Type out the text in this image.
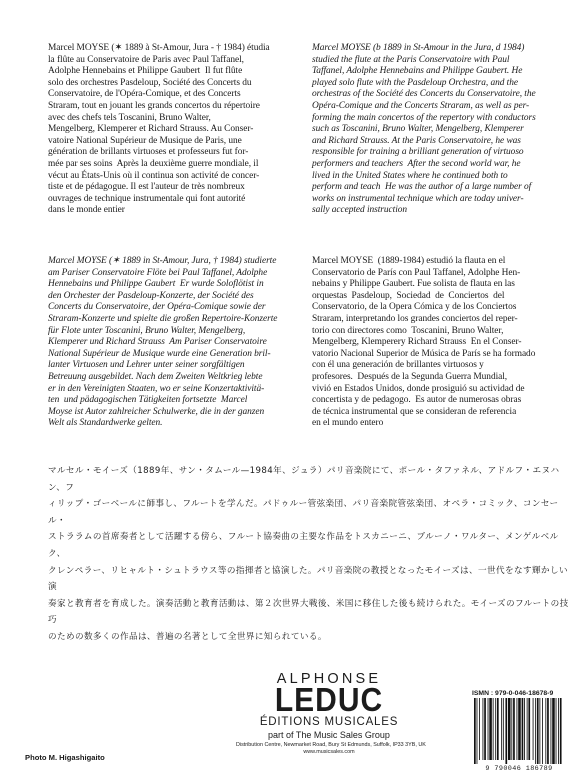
Marcel MOYSE (✶ 1889 à St-Amour, Jura - † 1984) étudia
la flûte au Conservatoire de Paris avec Paul Taffanel,
Adolphe Hennebains et Philippe Gaubert  Il fut flûte
solo des orchestres Pasdeloup, Société des Concerts du
Conservatoire, de l'Opéra-Comique, et des Concerts
Straram, tout en jouant les grands concertos du répertoire
avec des chefs tels Toscanini, Bruno Walter,
Mengelberg, Klemperer et Richard Strauss. Au Conser-
vatoire National Supérieur de Musique de Paris, une
génération de brillants virtuoses et professeurs fut for-
mée par ses soins  Après la deuxième guerre mondiale, il
vécut au États-Unis où il continua son activité de concer-
tiste et de pédagogue. Il est l'auteur de très nombreux
ouvrages de technique instrumentale qui font autorité
dans le monde entier
Marcel MOYSE (b 1889 in St-Amour in the Jura, d 1984)
studied the flute at the Paris Conservatoire with Paul
Taffanel, Adolphe Hennebains and Philippe Gaubert. He
played solo flute with the Pasdeloup Orchestra, and the
orchestras of the Société des Concerts du Conservatoire, the
Opéra-Comique and the Concerts Straram, as well as per-
forming the main concertos of the repertory with conductors
such as Toscanini, Bruno Walter, Mengelberg, Klemperer
and Richard Strauss. At the Paris Conservatoire, he was
responsible for training a brilliant generation of virtuoso
performers and teachers  After the second world war, he
lived in the United States where he continued both to
perform and teach  He was the author of a large number of
works on instrumental technique which are today univer-
sally accepted instruction
Marcel MOYSE (✶ 1889 in St-Amour, Jura, † 1984) studierte
am Pariser Conservatoire Flöte bei Paul Taffanel, Adolphe
Hennebains und Philippe Gaubert  Er wurde Soloflötist in
den Orchester der Pasdeloup-Konzerte, der Société des
Concerts du Conservatoire, der Opéra-Comique sowie der
Straram-Konzerte und spielte die großen Repertoire-Konzerte
für Flote unter Toscanini, Bruno Walter, Mengelberg,
Klemperer und Richard Strauss  Am Pariser Conservatoire
National Supérieur de Musique wurde eine Generation bril-
lanter Virtuosen und Lehrer unter seiner sorgfältigen
Betreuung ausgebildet. Nach dem Zweiten Weltkrieg lebte
er in den Vereinigten Staaten, wo er seine Konzertaktivitä-
ten  und pädagogischen Tätigkeiten fortsetzte  Marcel
Moyse ist Autor zahlreicher Schulwerke, die in der ganzen
Welt als Standardwerke gelten.
Marcel MOYSE  (1889-1984) estudió la flauta en el
Conservatorio de París con Paul Taffanel, Adolphe Hen-
nebains y Philippe Gaubert. Fue solista de flauta en las
orquestas  Pasdeloup,  Sociedad  de  Conciertos  del
Conservatorio, de la Opera Cómica y de los Conciertos
Straram, interpretando los grandes conciertos del reper-
torio con directores como  Toscanini, Bruno Walter,
Mengelberg, Klemperery Richard Strauss  En el Conser-
vatorio Nacional Superior de Música de París se ha formado
con él una generación de brillantes virtuosos y
profesores.  Después de la Segunda Guerra Mundial,
vivió en Estados Unidos, donde prosiguió su actividad de
concertista y de pedagogo.  Es autor de numerosas obras
de técnica instrumental que se consideran de referencia
en el mundo entero
マルセル・モイーズ（1889年、サン・タムール—1984年、ジュラ）パリ音楽院にて、ポール・タファネル、アドルフ・エヌハン、フ
ィリップ・ゴーベールに師事し、フルートを学んだ。パドゥルー管弦楽団、パリ音楽院管弦楽団、オペラ・コミック、コンセール・
ストララムの首席奏者として活躍する傍ら、フルート協奏曲の主要な作品をトスカニーニ、ブルーノ・ワルター、メンゲルベルク、
クレンペラー、リヒャルト・シュトラウス等の指揮者と協演した。パリ音楽院の教授となったモイーズは、一世代をなす輝かしい演
奏家と教育者を育成した。演奏活動と教育活動は、第２次世界大戦後、米国に移住した後も続けられた。モイーズのフルートの技巧
のための数多くの作品は、普遍の名著として全世界に知られている。
ALPHONSE
LEDUC
ÉDITIONS MUSICALES
part of The Music Sales Group
Distribution Centre, Newmarket Road, Bury St Edmunds, Suffolk, IP33 3YB, UK
www.musicsales.com
ISMN : 979-0-046-18678-9
9 790046 186789
Photo M. Higashigaito
